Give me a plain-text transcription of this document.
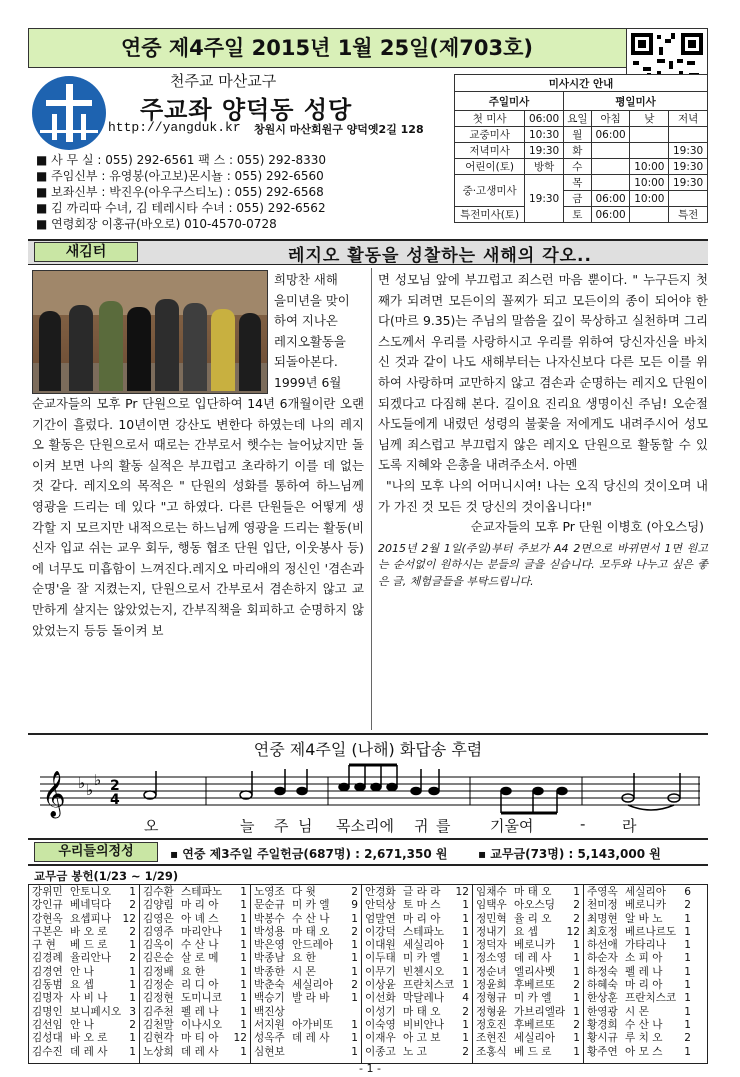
연중 제4주일 2015년 1월 25일(제703호)
천주교 마산교구
주교좌 양덕동 성당
http://yangduk.kr 창원시 마산회원구 양덕옛2길 128
■ 사 무 실 : 055) 292-6561 팩 스 : 055) 292-8330
■ 주임신부 : 유영봉(아고보)몬시뇰 : 055) 292-6560
■ 보좌신부 : 박진우(아우구스티노) : 055) 292-6568
■ 김 까리따 수녀, 김 테레시타 수녀 : 055) 292-6562
■ 연령회장 이홍규(바오로) 010-4570-0728
미사시간 안내					
주일미사		평일미사			
첫 미사	06:00	요일	아침	낮	저녁
교중미사	10:30	월	06:00		
저녁미사	19:30	화			19:30
어린이(토)	방학	수		10:00	19:30
중·고생미사	19:30	목		10:00	19:30
		금	06:00	10:00	
특전미사(토)		토	06:00		특전
새김터	레지오 활동을 성찰하는 새해의 각오..
희망찬 새해
을미년을 맞이
하여 지나온
레지오활동을
되돌아본다.
1999년 6월

순교자들의 모후 Pr 단원으로 입단하여 14년 6개월이란 오랜 기간이 흘렀다. 10년이면 강산도 변한다 하였는데 나의 레지오 활동은 단원으로서 때로는 간부로서 햇수는 늘어났지만 돌이켜 보면 나의 활동 실적은 부끄럽고 초라하기 이를 데 없는 것 같다. 레지오의 목적은 " 단원의 성화를 통하여 하느님께 영광을 드리는 데 있다 "고 하였다. 다른 단원들은 어떻게 생각할 지 모르지만 내적으로는 하느님께 영광을 드리는 활동(비신자 입교 쉬는 교우 회두, 행동 협조 단원 입단, 이웃봉사 등)에 너무도 미흡함이 느껴진다.레지오 마리애의 정신인 '겸손과 순명'을 잘 지켰는지, 단원으로서 간부로서 겸손하지 않고 교만하게 살지는 않았었는지, 간부직책을 회피하고 순명하지 않았었는지 등등 돌이켜 보

면 성모님 앞에 부끄럽고 죄스런 마음 뿐이다. " 누구든지 첫째가 되려면 모든이의 꼴찌가 되고 모든이의 종이 되어야 한다(마르 9.35)는 주님의 말씀을 깊이 묵상하고 실천하며 그리스도께서 우리를 사랑하시고 우리를 위하여 당신자신을 바치신 것과 같이 나도 새해부터는 나자신보다 다른 모든 이를 위하여 사랑하며 교만하지 않고 겸손과 순명하는 레지오 단원이 되겠다고 다짐해 본다. 길이요 진리요 생명이신 주님! 오순절 사도들에게 내렸던 성령의 불꽃을 저에게도 내려주시어 성모님께 죄스럽고 부끄럽지 않은 레지오 단원으로 활동할 수 있도록 지혜와 은총을 내려주소서. 아멘

"나의 모후 나의 어머니시여! 나는 오직 당신의 것이오며 내가 가진 것 모든 것 당신의 것이옵니다!"

순교자들의 모후 Pr 단원 이병호 (아오스딩)

2015년 2월 1일(주일)부터 주보가 A4 2면으로 바뀌면서 1면 원고는 순서없이 원하시는 분들의 글을 싣습니다. 모두와 나누고 싶은 좋은 글, 체험글들을 부탁드립니다.

연중 제4주일 (나해) 화답송 후렴
𝄞 ♭ ♭
♭ 2
4
오	늘 주 님 목소리에 귀 를	기울여	- 라
우리들의정성	▪ 연중 제3주일 주일헌금(687명) : 2,671,350 원	▪ 교무금(73명) : 5,143,000 원
교무금 봉헌(1/23 ~ 1/29)
강위민 안토니오 1
강인규 베네딕다 2
강현옥 요셉피나 12
구본은 바 오 로 2
구 현 베 드 로 1
김경례 율리안나 2
김경연 안 나	1
김동범 요 셉	1
김명자 사 비 나 1
김명인 보니페시오 3
김선임 안 나	2
김성대 바 오 로 1
김수진 데 레 사 1
김수환 스테파노 1
김양림 마 리 아 1
김영은 아 녜 스 1
김영주 마리안나 1
김옥이 수 산 나 1
김은순 살 로 메 1
김정배 요 한	1
김정순 리 디 아 1
김정현 도미니코 1
김주천 펠 레 나 1
김천말 이나시오 1
김현각 마 티 아 12
노상희 데 레 사 1
노영조 다 윗	2
문순규 미 카 엘 9
박봉수 수 산 나 1
박성용 마 태 오 2
박은영 안드레아 1
박종남 요 한	1
박종한 시 몬	1
박춘숙 세실리아 2
백승기 발 라 바 1
백진상
서지원 아가비또 1
성옥주 데 레 사 1
심현보	1
안경화 글 라 라 12
안덕상 토 마 스 1
엄말연 마 리 아 1
이강덕 스테파노 1
이대원 세실리아 1
이두태 미 카 엘 1
이무기 빈첸시오 1
이상윤 프란치스코 1
이선화 막달레나 4
이성기 마 태 오 2
이숙영 비비안나 1
이재우 아 고 보 1
이종고 노 고	2
임채수 마 태 오 1
임택우 아오스딩 2
정민혁 율 리 오 2
정내기 요 셉	12
정덕자 베로니카 1
정소영 데 레 사 1
정순녀 엘리사벳 1
정윤희 후베르또 2
정형규 미 카 엘 1
정형윤 가브리엘라 1
정호진 후베르또 2
조현진 세실리아 1
조홍식 베 드 로 1
주영옥 세실리아 6
천미정 베로니카 2
최명현 알 바 노 1
최호정 베르나르도 1
하선애 가타리나 1
하순자 소 피 아 1
하정숙 펠 레 나 1
하혜숙 마 리 아 1
한상훈 프란치스코 1
한영광 시 몬	1
황경희 수 산 나 1
황시규 루 치 오 2
황주연 아 모 스 1
- 1 -
